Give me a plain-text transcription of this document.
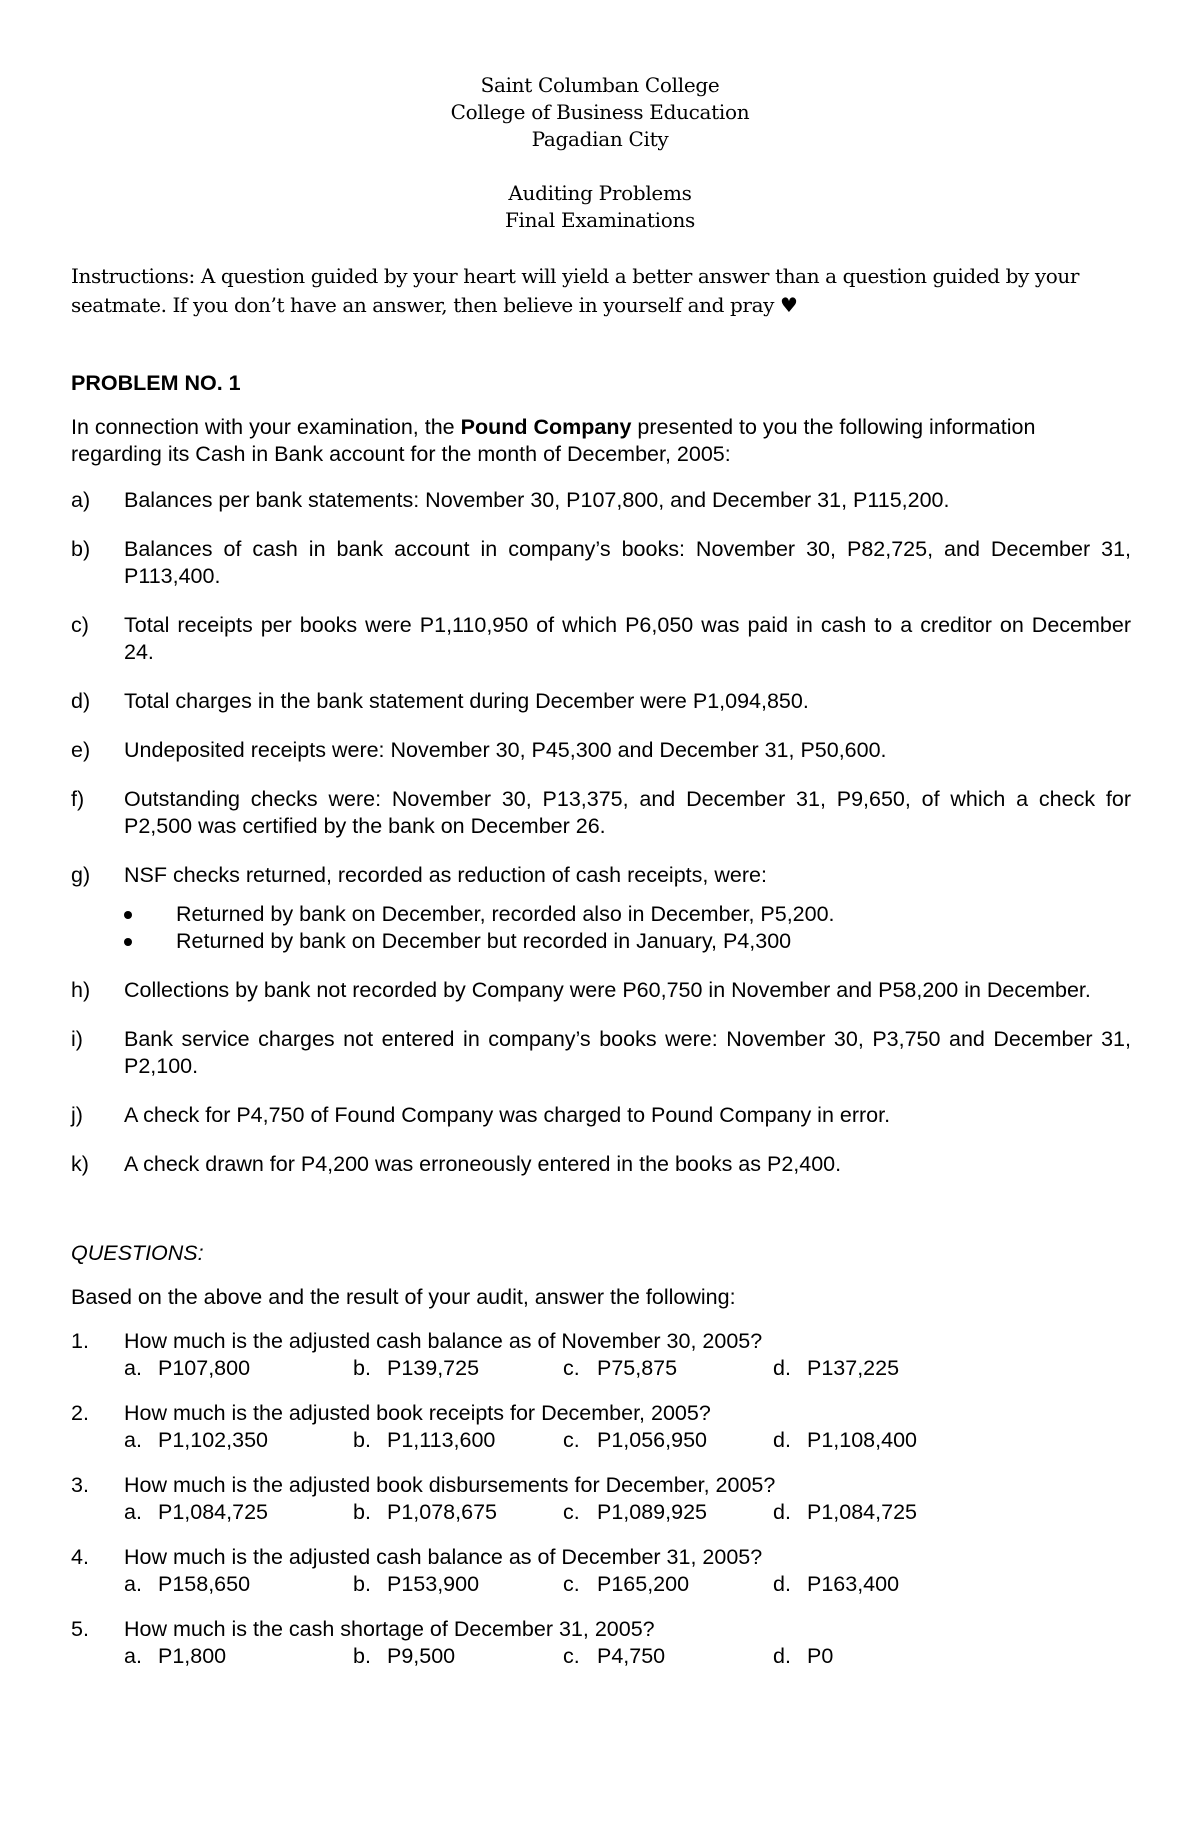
Saint Columban College
College of Business Education
Pagadian City
Auditing Problems
Final Examinations
Instructions: A question guided by your heart will yield a better answer than a question guided by your seatmate. If you don’t have an answer, then believe in yourself and pray ♥
PROBLEM NO. 1
In connection with your examination, the Pound Company presented to you the following information regarding its Cash in Bank account for the month of December, 2005:
a) Balances per bank statements: November 30, P107,800, and December 31, P115,200.
b) Balances of cash in bank account in company’s books: November 30, P82,725, and December 31, P113,400.
c) Total receipts per books were P1,110,950 of which P6,050 was paid in cash to a creditor on December 24.
d) Total charges in the bank statement during December were P1,094,850.
e) Undeposited receipts were: November 30, P45,300 and December 31, P50,600.
f) Outstanding checks were: November 30, P13,375, and December 31, P9,650, of which a check for P2,500 was certified by the bank on December 26.
g) NSF checks returned, recorded as reduction of cash receipts, were:
Returned by bank on December, recorded also in December, P5,200.
Returned by bank on December but recorded in January, P4,300
h) Collections by bank not recorded by Company were P60,750 in November and P58,200 in December.
i) Bank service charges not entered in company’s books were: November 30, P3,750 and December 31, P2,100.
j) A check for P4,750 of Found Company was charged to Pound Company in error.
k) A check drawn for P4,200 was erroneously entered in the books as P2,400.
QUESTIONS:
Based on the above and the result of your audit, answer the following:
1. How much is the adjusted cash balance as of November 30, 2005?
a. P107,800	b. P139,725	c. P75,875	d. P137,225
2. How much is the adjusted book receipts for December, 2005?
a. P1,102,350	b. P1,113,600	c. P1,056,950	d. P1,108,400
3. How much is the adjusted book disbursements for December, 2005?
a. P1,084,725	b. P1,078,675	c. P1,089,925	d. P1,084,725
4. How much is the adjusted cash balance as of December 31, 2005?
a. P158,650	b. P153,900	c. P165,200	d. P163,400
5. How much is the cash shortage of December 31, 2005?
a. P1,800	b. P9,500	c. P4,750	d. P0
